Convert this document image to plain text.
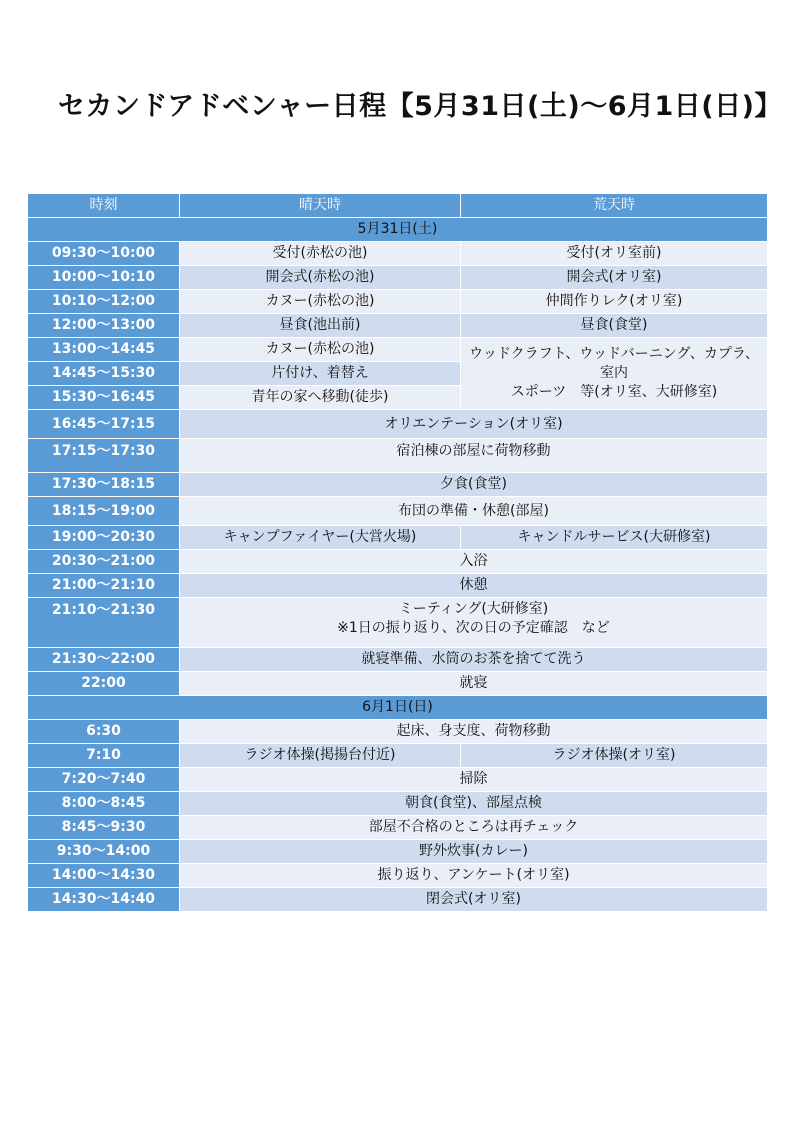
セカンドアドベンャー日程【5月31日(土)～6月1日(日)】
時刻	晴天時	荒天時
5月31日(土)		
09:30～10:00	受付(赤松の池)	受付(オリ室前)
10:00～10:10	開会式(赤松の池)	開会式(オリ室)
10:10～12:00	カヌー(赤松の池)	仲間作りレク(オリ室)
12:00～13:00	昼食(池出前)	昼食(食堂)
13:00～14:45	カヌー(赤松の池)	ウッドクラフト、ウッドバーニング、カプラ、室内
スポーツ　等(オリ室、大研修室)

14:45～15:30	片付け、着替え	
15:30～16:45	青年の家へ移動(徒歩)	
16:45～17:15	オリエンテーション(オリ室)	
17:15～17:30	宿泊棟の部屋に荷物移動	
17:30～18:15	夕食(食堂)	
18:15～19:00	布団の準備・休憩(部屋)	
19:00～20:30	キャンプファイヤー(大営火場)	キャンドルサービス(大研修室)
20:30～21:00	入浴	
21:00～21:10	休憩	
21:10～21:30	ミーティング(大研修室)
※1日の振り返り、次の日の予定確認　など	

21:30～22:00	就寝準備、水筒のお茶を捨てて洗う	
22:00	就寝	
6月1日(日)		
6:30	起床、身支度、荷物移動	
7:10	ラジオ体操(掲揚台付近)	ラジオ体操(オリ室)
7:20～7:40	掃除	
8:00～8:45	朝食(食堂)、部屋点検	
8:45～9:30	部屋不合格のところは再チェック	
9:30～14:00	野外炊事(カレー)	
14:00～14:30	振り返り、アンケート(オリ室)	
14:30～14:40	閉会式(オリ室)	
